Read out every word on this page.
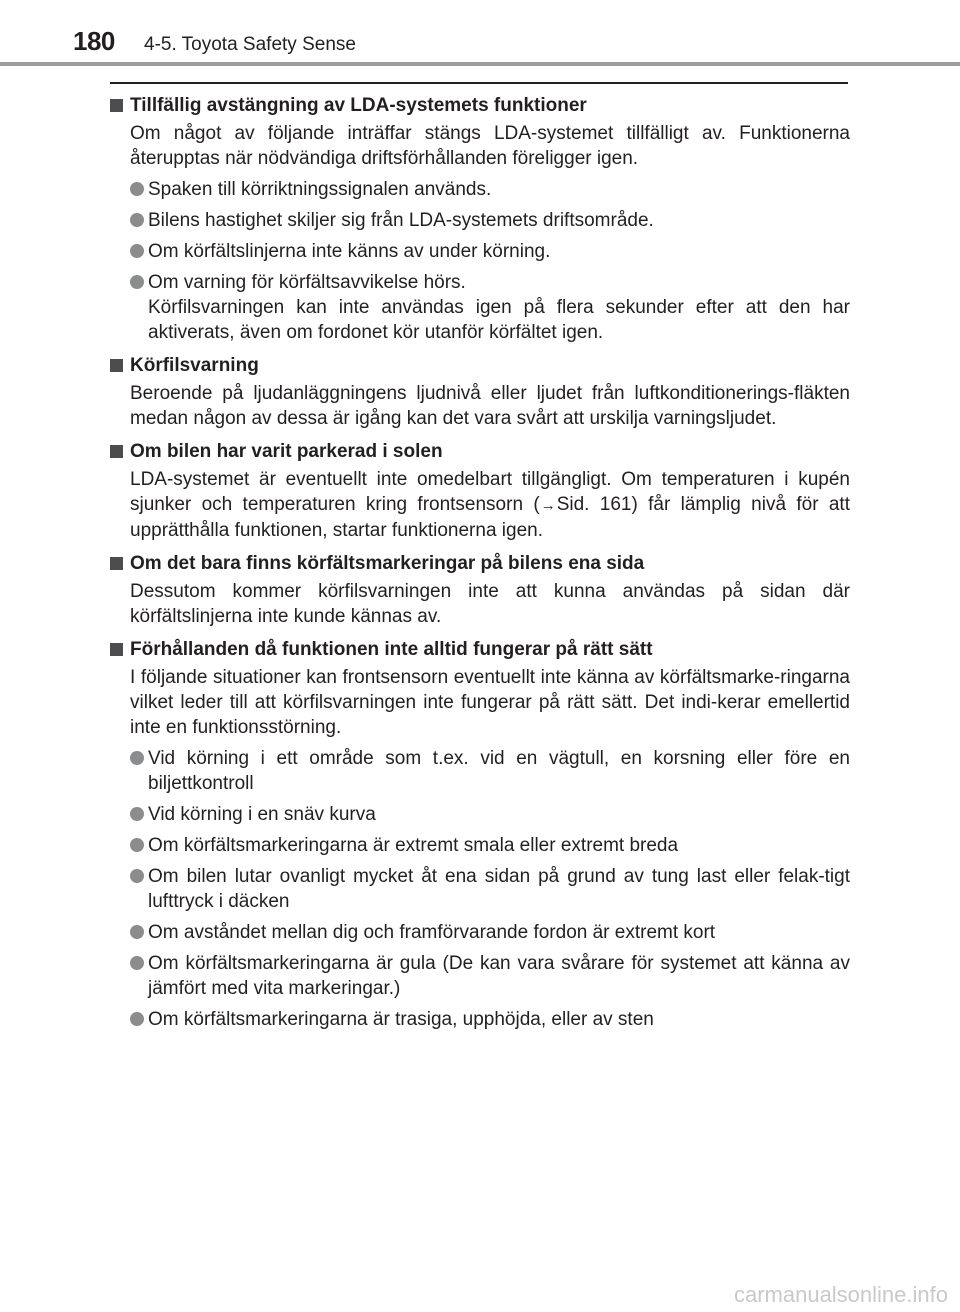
180 4-5. Toyota Safety Sense
Tillfällig avstängning av LDA-systemets funktioner
Om något av följande inträffar stängs LDA-systemet tillfälligt av. Funktionerna återupptas när nödvändiga driftsförhållanden föreligger igen.
Spaken till körriktningssignalen används.
Bilens hastighet skiljer sig från LDA-systemets driftsområde.
Om körfältslinjerna inte känns av under körning.
Om varning för körfältsavvikelse hörs.
Körfilsvarningen kan inte användas igen på flera sekunder efter att den har aktiverats, även om fordonet kör utanför körfältet igen.
Körfilsvarning
Beroende på ljudanläggningens ljudnivå eller ljudet från luftkonditionerings-fläkten medan någon av dessa är igång kan det vara svårt att urskilja varningsljudet.
Om bilen har varit parkerad i solen
LDA-systemet är eventuellt inte omedelbart tillgängligt. Om temperaturen i kupén sjunker och temperaturen kring frontsensorn (→Sid. 161) får lämplig nivå för att upprätthålla funktionen, startar funktionerna igen.
Om det bara finns körfältsmarkeringar på bilens ena sida
Dessutom kommer körfilsvarningen inte att kunna användas på sidan där körfältslinjerna inte kunde kännas av.
Förhållanden då funktionen inte alltid fungerar på rätt sätt
I följande situationer kan frontsensorn eventuellt inte känna av körfältsmarke-ringarna vilket leder till att körfilsvarningen inte fungerar på rätt sätt. Det indi-kerar emellertid inte en funktionsstörning.
Vid körning i ett område som t.ex. vid en vägtull, en korsning eller före en biljettkontroll
Vid körning i en snäv kurva
Om körfältsmarkeringarna är extremt smala eller extremt breda
Om bilen lutar ovanligt mycket åt ena sidan på grund av tung last eller felak-tigt lufttryck i däcken
Om avståndet mellan dig och framförvarande fordon är extremt kort
Om körfältsmarkeringarna är gula (De kan vara svårare för systemet att känna av jämfört med vita markeringar.)
Om körfältsmarkeringarna är trasiga, upphöjda, eller av sten
carmanualsonline.info
